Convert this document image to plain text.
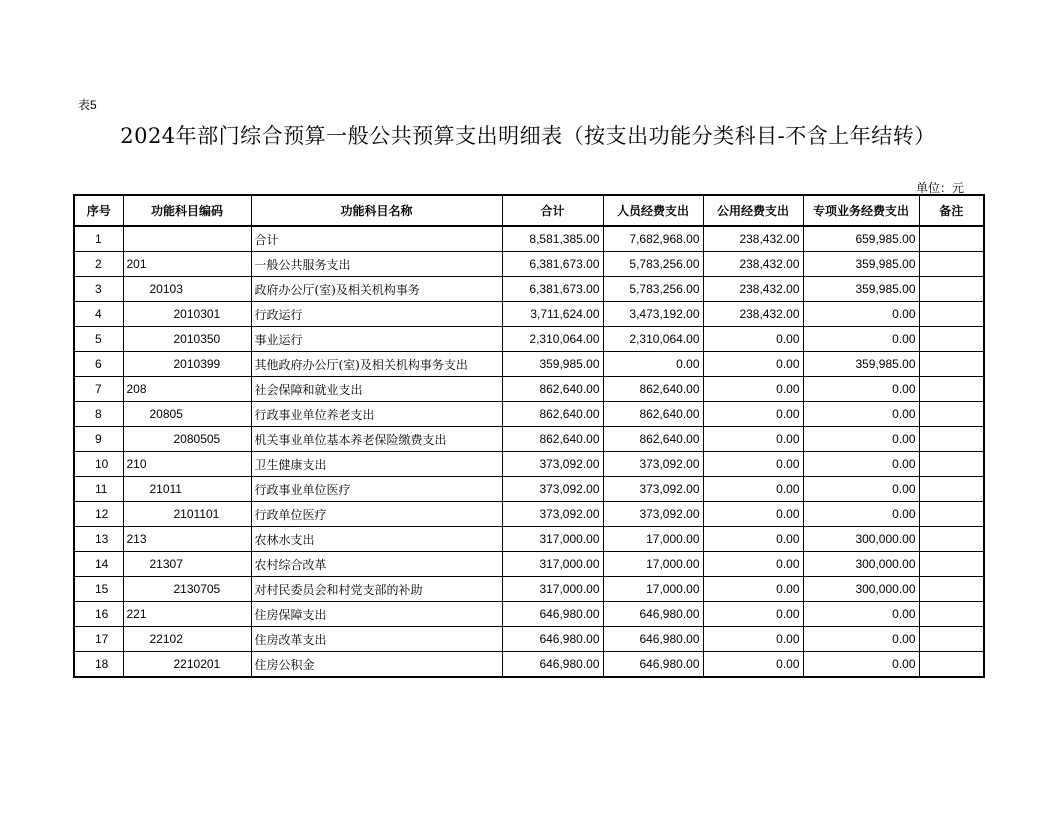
表5
2024年部门综合预算一般公共预算支出明细表（按支出功能分类科目-不含上年结转）
单位：元
序号	功能科目编码	功能科目名称	合计	人员经费支出	公用经费支出	专项业务经费支出	备注
1		合计	8,581,385.00	7,682,968.00	238,432.00	659,985.00	
2	201	一般公共服务支出	6,381,673.00	5,783,256.00	238,432.00	359,985.00	
3	20103	政府办公厅(室)及相关机构事务	6,381,673.00	5,783,256.00	238,432.00	359,985.00	
4	2010301	行政运行	3,711,624.00	3,473,192.00	238,432.00	0.00	
5	2010350	事业运行	2,310,064.00	2,310,064.00	0.00	0.00	
6	2010399	其他政府办公厅(室)及相关机构事务支出	359,985.00	0.00	0.00	359,985.00	
7	208	社会保障和就业支出	862,640.00	862,640.00	0.00	0.00	
8	20805	行政事业单位养老支出	862,640.00	862,640.00	0.00	0.00	
9	2080505	机关事业单位基本养老保险缴费支出	862,640.00	862,640.00	0.00	0.00	
10	210	卫生健康支出	373,092.00	373,092.00	0.00	0.00	
11	21011	行政事业单位医疗	373,092.00	373,092.00	0.00	0.00	
12	2101101	行政单位医疗	373,092.00	373,092.00	0.00	0.00	
13	213	农林水支出	317,000.00	17,000.00	0.00	300,000.00	
14	21307	农村综合改革	317,000.00	17,000.00	0.00	300,000.00	
15	2130705	对村民委员会和村党支部的补助	317,000.00	17,000.00	0.00	300,000.00	
16	221	住房保障支出	646,980.00	646,980.00	0.00	0.00	
17	22102	住房改革支出	646,980.00	646,980.00	0.00	0.00	
18	2210201	住房公积金	646,980.00	646,980.00	0.00	0.00	
